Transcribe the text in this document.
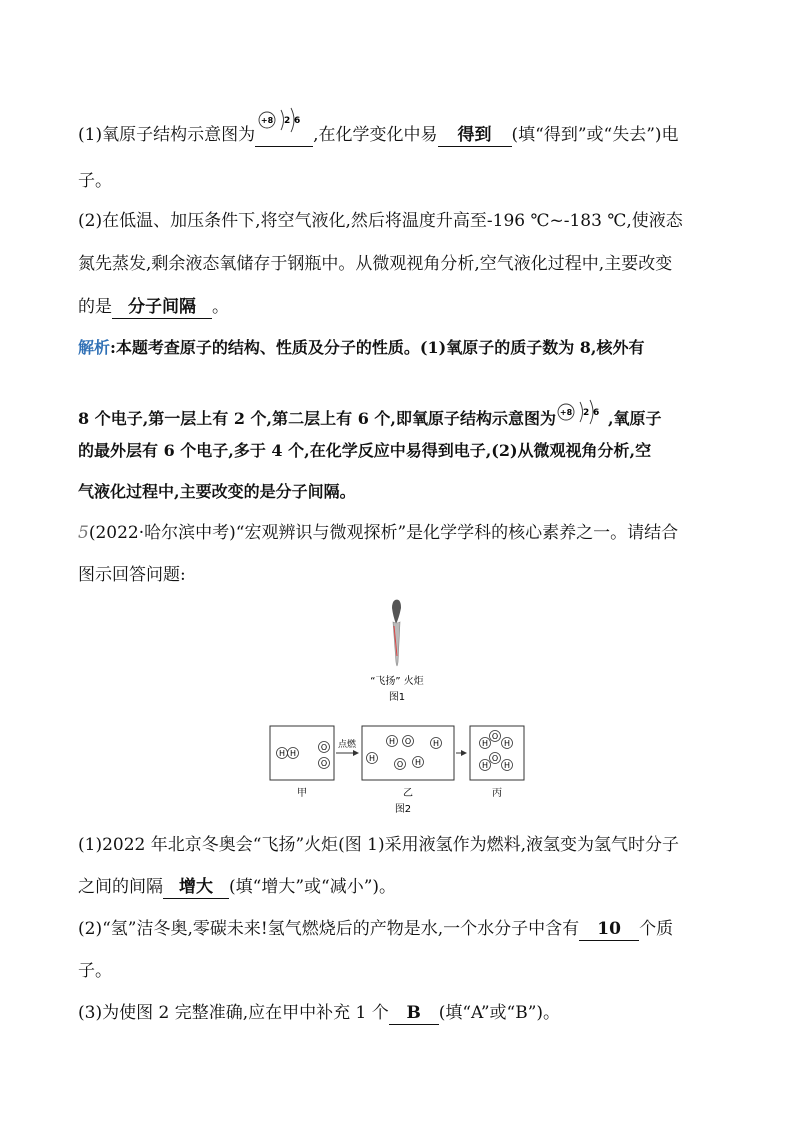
(1)氧原子结构示意图为
+8 2 6
,在化学变化中易 得到 (填“得到”或“失去”)电
子。
(2)在低温、加压条件下,将空气液化,然后将温度升高至-196 ℃~-183 ℃,使液态
氮先蒸发,剩余液态氧储存于钢瓶中。从微观视角分析,空气液化过程中,主要改变
的是 分子间隔 。
解析:本题考查原子的结构、性质及分子的性质。(1)氧原子的质子数为 8,核外有
8 个电子,第一层上有 2 个,第二层上有 6 个,即氧原子结构示意图为 +8 2 6 ,氧原子
的最外层有 6 个电子,多于 4 个,在化学反应中易得到电子,(2)从微观视角分析,空
气液化过程中,主要改变的是分子间隔。
5(2022·哈尔滨中考)“宏观辨识与微观探析”是化学学科的核心素养之一。请结合
图示回答问题:
“飞扬” 火炬
图1
H H
O
O
点燃	H O	H
H
O H
O
H H
O
H H
甲	乙	丙
图2
(1)2022 年北京冬奥会“飞扬”火炬(图 1)采用液氢作为燃料,液氢变为氢气时分子
之间的间隔 增大 (填“增大”或“减小”)。
(2)“氢”洁冬奥,零碳未来!氢气燃烧后的产物是水,一个水分子中含有 10 个质
子。
(3)为使图 2 完整准确,应在甲中补充 1 个 B (填“A”或“B”)。
